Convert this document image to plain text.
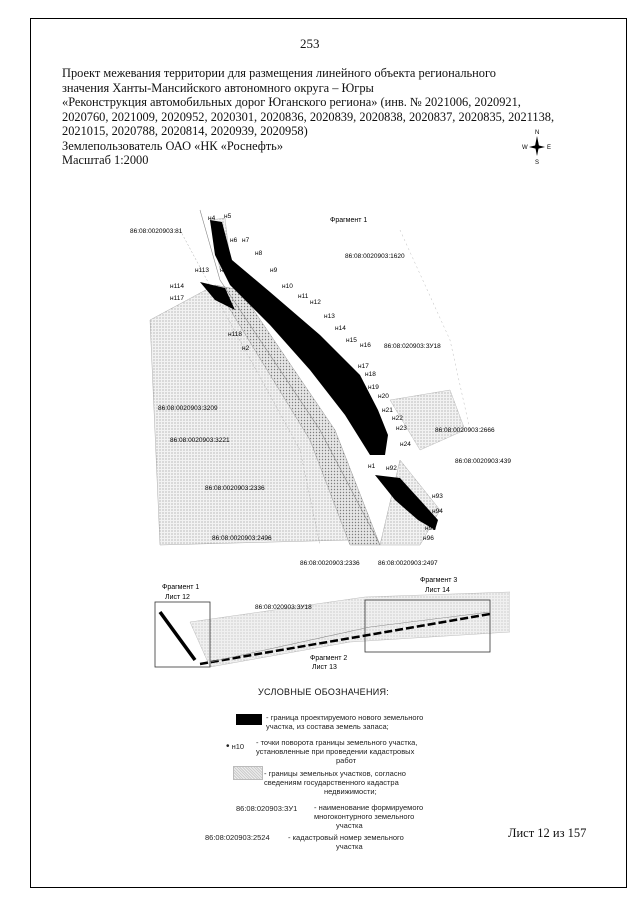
253
Проект межевания территории для размещения линейного объекта регионального
значения Ханты-Мансийского автономного округа – Югры
«Реконструкция автомобильных дорог Юганского региона» (инв. № 2021006, 2020921,
2020760, 2021009, 2020952, 2020301, 2020836, 2020839, 2020838, 2020837, 2020835, 2021138,
2021015, 2020788, 2020814, 2020939, 2020958)
Землепользователь ОАО «НК «Роснефть»
Масштаб 1:2000
N
W	E
S
Фрагмент 1
86:08:0020903:81
86:08:0020903:1620
86:08:020903:ЗУ18
86:08:0020903:3209
86:08:0020903:3221
86:08:0020903:2666
86:08:0020903:439
86:08:0020903:2336
86:08:0020903:2496
86:08:0020903:2336	86:08:0020903:2497
н4 н5
н6 н7
н8
н3	н9
н113
н10
н11
н114
н12
н117
н13
н14
н118
н15
н2	н16
н17
н18
н19
н20
н21
н22
н23
н24
н1 н92
н91
н93
н94
н95
н96
Фрагмент 1
Лист 12
86:08:020903:ЗУ18
Фрагмент 2
Лист 13
Фрагмент 3
Лист 14
УСЛОВНЫЕ ОБОЗНАЧЕНИЯ:
- граница проектируемого нового земельного
участка, из состава земель запаса;
• н10 - точки поворота границы земельного участка,
установленные при проведении кадастровых
работ
- границы земельных участков, согласно
сведениям государственного кадастра
недвижимости;
86:08:020903:ЗУ1 - наименование формируемого
многоконтурного земельного
участка
86:08:020903:2524 - кадастровый номер земельного
участка
Лист 12 из 157
